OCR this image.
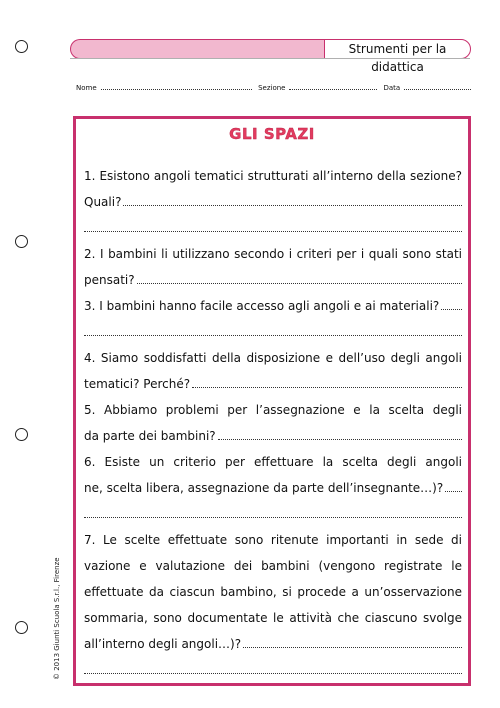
Strumenti per la didattica
Nome	Sezione	Data
GLI SPAZI
1. Esistono angoli tematici strutturati all’interno della sezione?
Quali?
2. I bambini li utilizzano secondo i criteri per i quali sono stati
pensati?
3. I bambini hanno facile accesso agli angoli e ai materiali?
4. Siamo soddisfatti della disposizione e dell’uso degli angoli
tematici? Perché?
5. Abbiamo problemi per l’assegnazione e la scelta degli
da parte dei bambini?
6. Esiste un criterio per effettuare la scelta degli angoli
ne, scelta libera, assegnazione da parte dell’insegnante…)?
7. Le scelte effettuate sono ritenute importanti in sede di
vazione e valutazione dei bambini (vengono registrate le
effettuate da ciascun bambino, si procede a un’osservazione
sommaria, sono documentate le attività che ciascuno svolge
all’interno degli angoli…)?
© 2013 Giunti Scuola S.r.l., Firenze
